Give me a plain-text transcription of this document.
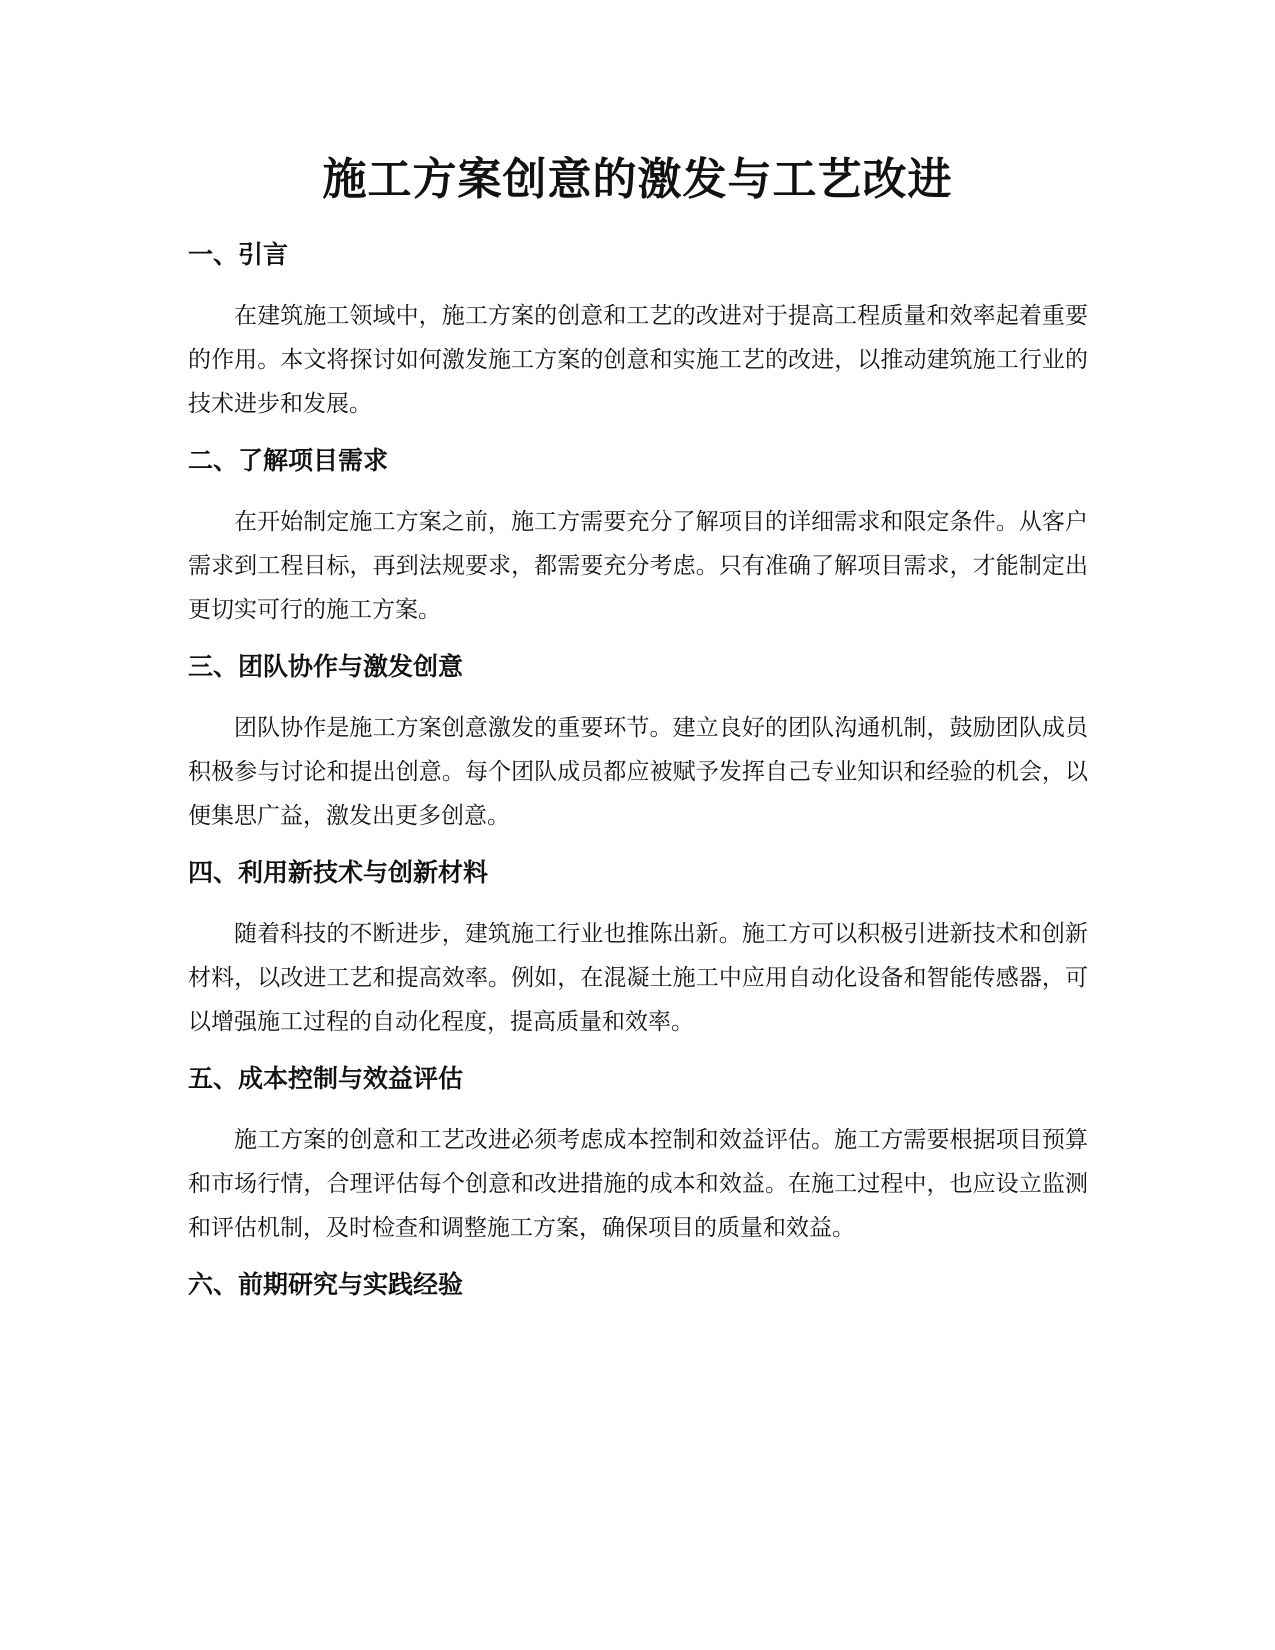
施工方案创意的激发与工艺改进
一、引言

在建筑施工领域中，施工方案的创意和工艺的改进对于提高工程质量和效率起着重要的作用。本文将探讨如何激发施工方案的创意和实施工艺的改进，以推动建筑施工行业的技术进步和发展。

二、了解项目需求

在开始制定施工方案之前，施工方需要充分了解项目的详细需求和限定条件。从客户需求到工程目标，再到法规要求，都需要充分考虑。只有准确了解项目需求，才能制定出更切实可行的施工方案。

三、团队协作与激发创意

团队协作是施工方案创意激发的重要环节。建立良好的团队沟通机制，鼓励团队成员积极参与讨论和提出创意。每个团队成员都应被赋予发挥自己专业知识和经验的机会，以便集思广益，激发出更多创意。

四、利用新技术与创新材料

随着科技的不断进步，建筑施工行业也推陈出新。施工方可以积极引进新技术和创新材料，以改进工艺和提高效率。例如，在混凝土施工中应用自动化设备和智能传感器，可以增强施工过程的自动化程度，提高质量和效率。

五、成本控制与效益评估

施工方案的创意和工艺改进必须考虑成本控制和效益评估。施工方需要根据项目预算和市场行情，合理评估每个创意和改进措施的成本和效益。在施工过程中，也应设立监测和评估机制，及时检查和调整施工方案，确保项目的质量和效益。

六、前期研究与实践经验
